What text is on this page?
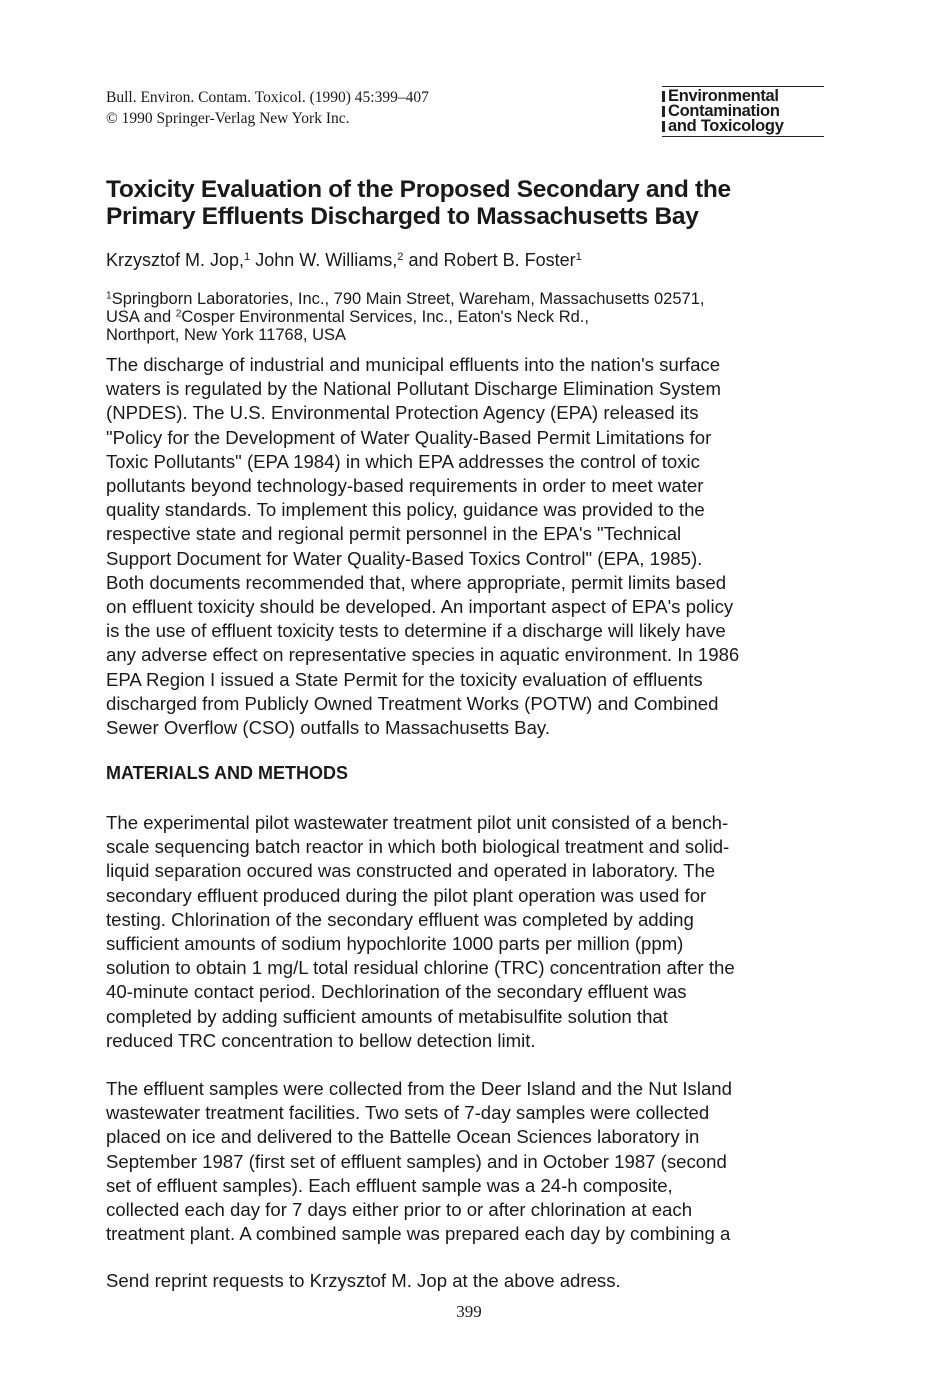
Bull. Environ. Contam. Toxicol. (1990) 45:399–407
© 1990 Springer-Verlag New York Inc.
Environmental
Contamination
and Toxicology
Toxicity Evaluation of the Proposed Secondary and the
Primary Effluents Discharged to Massachusetts Bay
Krzysztof M. Jop,$^1$ John W. Williams,$^2$ and Robert B. Foster$^1$
$^1$Springborn Laboratories, Inc., 790 Main Street, Wareham, Massachusetts 02571,
USA and $^2$Cosper Environmental Services, Inc., Eaton's Neck Rd.,
Northport, New York 11768, USA
The discharge of industrial and municipal effluents into the nation's surface
waters is regulated by the National Pollutant Discharge Elimination System
(NPDES). The U.S. Environmental Protection Agency (EPA) released its
"Policy for the Development of Water Quality-Based Permit Limitations for
Toxic Pollutants" (EPA 1984) in which EPA addresses the control of toxic
pollutants beyond technology-based requirements in order to meet water
quality standards. To implement this policy, guidance was provided to the
respective state and regional permit personnel in the EPA's "Technical
Support Document for Water Quality-Based Toxics Control" (EPA, 1985).
Both documents recommended that, where appropriate, permit limits based
on effluent toxicity should be developed. An important aspect of EPA's policy
is the use of effluent toxicity tests to determine if a discharge will likely have
any adverse effect on representative species in aquatic environment. In 1986
EPA Region I issued a State Permit for the toxicity evaluation of effluents
discharged from Publicly Owned Treatment Works (POTW) and Combined
Sewer Overflow (CSO) outfalls to Massachusetts Bay.
MATERIALS AND METHODS
The experimental pilot wastewater treatment pilot unit consisted of a bench-
scale sequencing batch reactor in which both biological treatment and solid-
liquid separation occured was constructed and operated in laboratory. The
secondary effluent produced during the pilot plant operation was used for
testing. Chlorination of the secondary effluent was completed by adding
sufficient amounts of sodium hypochlorite 1000 parts per million (ppm)
solution to obtain 1 mg/L total residual chlorine (TRC) concentration after the
40-minute contact period. Dechlorination of the secondary effluent was
completed by adding sufficient amounts of metabisulfite solution that
reduced TRC concentration to bellow detection limit.
The effluent samples were collected from the Deer Island and the Nut Island
wastewater treatment facilities. Two sets of 7-day samples were collected
placed on ice and delivered to the Battelle Ocean Sciences laboratory in
September 1987 (first set of effluent samples) and in October 1987 (second
set of effluent samples). Each effluent sample was a 24-h composite,
collected each day for 7 days either prior to or after chlorination at each
treatment plant. A combined sample was prepared each day by combining a
Send reprint requests to Krzysztof M. Jop at the above adress.
399
